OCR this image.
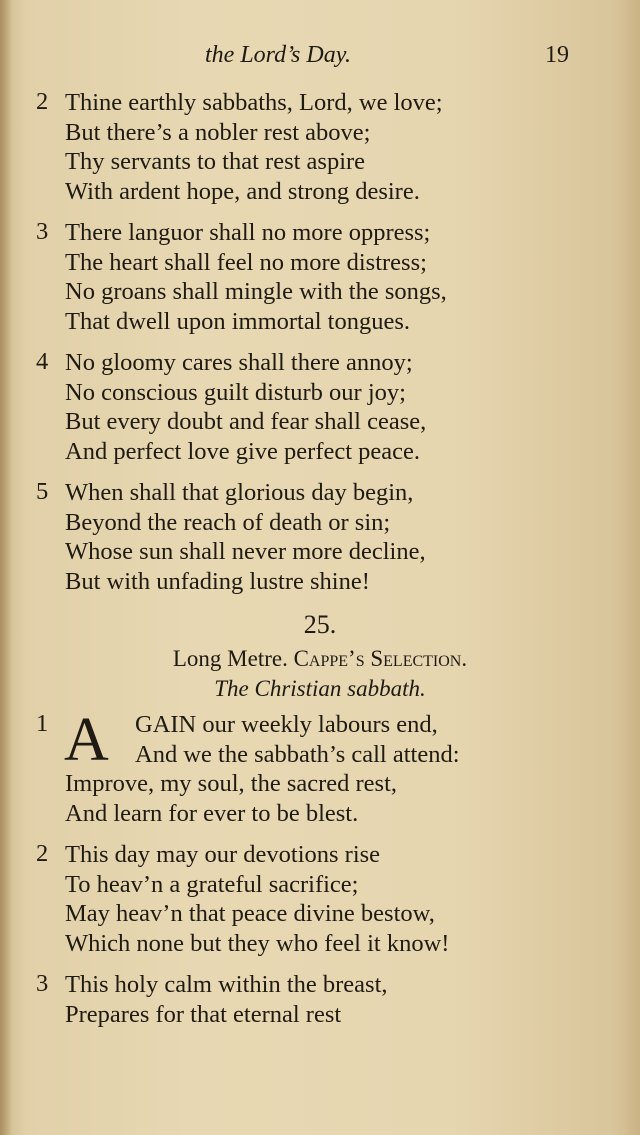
the Lord’s Day.	19
2 Thine earthly sabbaths, Lord, we love;
But there’s a nobler rest above;
Thy servants to that rest aspire
With ardent hope, and strong desire.
3 There languor shall no more oppress;
The heart shall feel no more distress;
No groans shall mingle with the songs,
That dwell upon immortal tongues.
4 No gloomy cares shall there annoy;
No conscious guilt disturb our joy;
But every doubt and fear shall cease,
And perfect love give perfect peace.
5 When shall that glorious day begin,
Beyond the reach of death or sin;
Whose sun shall never more decline,
But with unfading lustre shine!
25.
Long Metre. Cappe’s Selection.
The Christian sabbath.
1 A	GAIN our weekly labours end,
And we the sabbath’s call attend:
Improve, my soul, the sacred rest,
And learn for ever to be blest.
2 This day may our devotions rise
To heav’n a grateful sacrifice;
May heav’n that peace divine bestow,
Which none but they who feel it know!
3 This holy calm within the breast,
Prepares for that eternal rest
